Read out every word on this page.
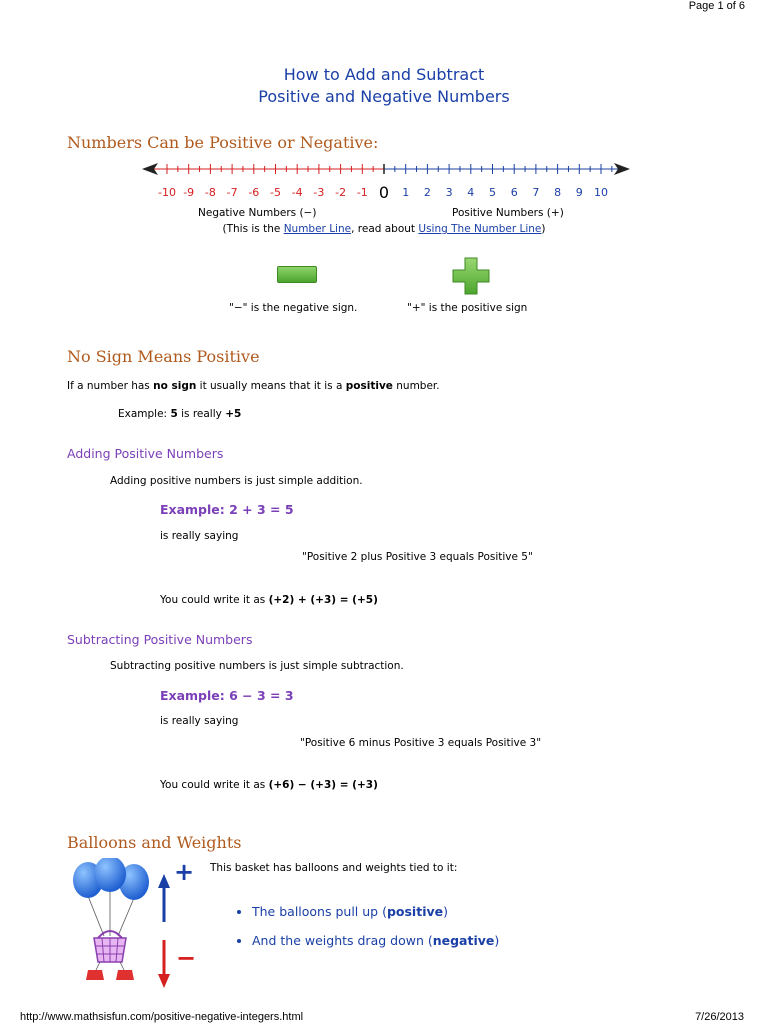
Page 1 of 6
How to Add and Subtract
Positive and Negative Numbers
Numbers Can be Positive or Negative:
-10 -9 -8 -7 -6 -5 -4 -3 -2 -1 0 1 2 3 4 5 6 7 8 9 10
Negative Numbers (−)	Positive Numbers (+)
(This is the Number Line, read about Using The Number Line)
"−" is the negative sign.	"+" is the positive sign
No Sign Means Positive
If a number has no sign it usually means that it is a positive number.
Example: 5 is really +5
Adding Positive Numbers
Adding positive numbers is just simple addition.
Example: 2 + 3 = 5
is really saying
"Positive 2 plus Positive 3 equals Positive 5"
You could write it as (+2) + (+3) = (+5)
Subtracting Positive Numbers
Subtracting positive numbers is just simple subtraction.
Example: 6 − 3 = 3
is really saying
"Positive 6 minus Positive 3 equals Positive 3"
You could write it as (+6) − (+3) = (+3)
Balloons and Weights
+
−
This basket has balloons and weights tied to it:
• The balloons pull up (positive)
• And the weights drag down (negative)
http://www.mathsisfun.com/positive-negative-integers.html	7/26/2013
